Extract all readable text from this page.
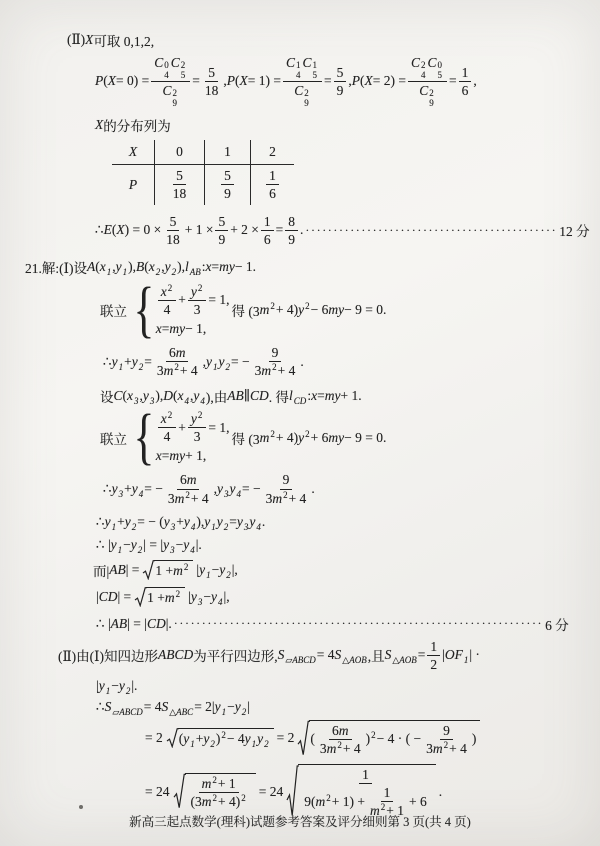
(Ⅱ) X 可取 0,1,2,
P ( X = 0) = C 0
4
C 2
5
C 2
$9 = \frac{5}{18}$ , P ( X = 1) = C 1
4
C 1
5
C 2
$9 = \frac{5}{9}$ , P ( X = 2) = C 2
4
C 0
5
C 2
$9 = \frac{1}{6}$ ,
X 的分布列为
X	0	1	2
P	$\frac{5}{18} \frac{5}{9} \frac{1}{6}$
∴ E ( X ) = $0 \times \frac{5}{18} + 1 \times \frac{5}{9} + 2 \times \frac{1}{6} = \frac{8}{9}$ . ············································· 12 分
21.解:(Ⅰ)设 A ( x 1 , y 1 ), B ( x 2 , y 2 ), l AB : x = my − 1.
联立 { $\frac{x 2}{4} + \frac{y 2}{3} = 1$,
x = my − 1,
得 (3 m 2 + 4) y 2 − 6 my − 9 = 0.
∴ y 1 + y $2 = \frac{6 m}{3 m 2 + 4}$ , y 1 y 2 = − $\frac{9}{3 m 2 + 4}$ .
设 C ( x 3 , y 3 ), D ( x 4 , y 4 ),由 AB ∥ CD . 得 l CD : x = my + 1.
联立 { $\frac{x 2}{4} + \frac{y 2}{3} = 1$,
x = my + 1,
得 (3 m 2 + 4) y 2 + 6 my − 9 = 0.
∴ y 3 + y 4 = − $\frac{6 m}{3 m 2 + 4}$ , y 3 y 4 = − $\frac{9}{3 m 2 + 4}$ .
∴ y 1 + y 2 = − ( y 3 + y 4 ), y 1 y 2 = y 3 y 4 .
∴ | y 1 − y 2 | = | y 3 − y 4 |.
而| AB | = 1 + m 2 | y 1 − y 2 |,
| CD | = 1 + m 2 | y 3 − y 4 |,
∴ | AB | = | CD |. ·································································· 6 分
(Ⅱ)由(Ⅰ)知四边形 ABCD 为平行四边形, S ▱ABCD = 4 S △AOB ,且 S △AOB = $\frac{1}{2}$ | O F 1 | ·
| y 1 − y 2 |.
∴ S ▱ABCD = 4 S △ABC = 2| y 1 − y 2 |
= 2 ( y 1 + y 2 ) 2 − 4 y 1 y 2 = 2 ( $\frac{6 m}{3 m 2 + 4}$ ) 2 − 4 · ( − $\frac{9}{3 m 2 + 4}$ )
= $24 \frac{m 2 + 1}{(3 m 2 + 4 ) 2} = 24 \frac{1}{9( m 2 + 1) + \frac{1}{m 2 + 1} + 6}$ .
新高三起点数学(理科)试题参考答案及评分细则第 3 页(共 4 页)
